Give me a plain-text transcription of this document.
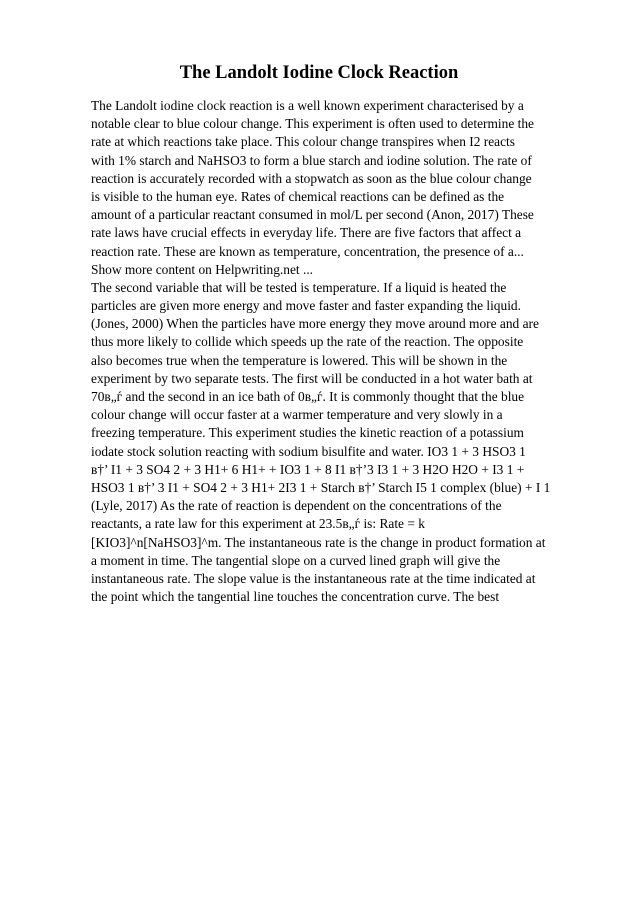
The Landolt Iodine Clock Reaction
The Landolt iodine clock reaction is a well known experiment characterised by a
notable clear to blue colour change. This experiment is often used to determine the
rate at which reactions take place. This colour change transpires when I2 reacts
with 1% starch and NaHSO3 to form a blue starch and iodine solution. The rate of
reaction is accurately recorded with a stopwatch as soon as the blue colour change
is visible to the human eye. Rates of chemical reactions can be defined as the
amount of a particular reactant consumed in mol/L per second (Anon, 2017) These
rate laws have crucial effects in everyday life. There are five factors that affect a
reaction rate. These are known as temperature, concentration, the presence of a...
Show more content on Helpwriting.net ...
The second variable that will be tested is temperature. If a liquid is heated the
particles are given more energy and move faster and faster expanding the liquid.
(Jones, 2000) When the particles have more energy they move around more and are
thus more likely to collide which speeds up the rate of the reaction. The opposite
also becomes true when the temperature is lowered. This will be shown in the
experiment by two separate tests. The first will be conducted in a hot water bath at
70в„ѓ and the second in an ice bath of 0в„ѓ. It is commonly thought that the blue
colour change will occur faster at a warmer temperature and very slowly in a
freezing temperature. This experiment studies the kinetic reaction of a potassium
iodate stock solution reacting with sodium bisulfite and water. IO3 1 + 3 HSO3 1
в†’ I1 + 3 SO4 2 + 3 H1+ 6 H1+ + IO3 1 + 8 I1 в†’3 I3 1 + 3 H2O H2O + I3 1 +
HSO3 1 в†’ 3 I1 + SO4 2 + 3 H1+ 2I3 1 + Starch в†’ Starch I5 1 complex (blue) + I 1
(Lyle, 2017) As the rate of reaction is dependent on the concentrations of the
reactants, a rate law for this experiment at 23.5в„ѓ is: Rate = k
[KIO3]^n[NaHSO3]^m. The instantaneous rate is the change in product formation at
a moment in time. The tangential slope on a curved lined graph will give the
instantaneous rate. The slope value is the instantaneous rate at the time indicated at
the point which the tangential line touches the concentration curve. The best
